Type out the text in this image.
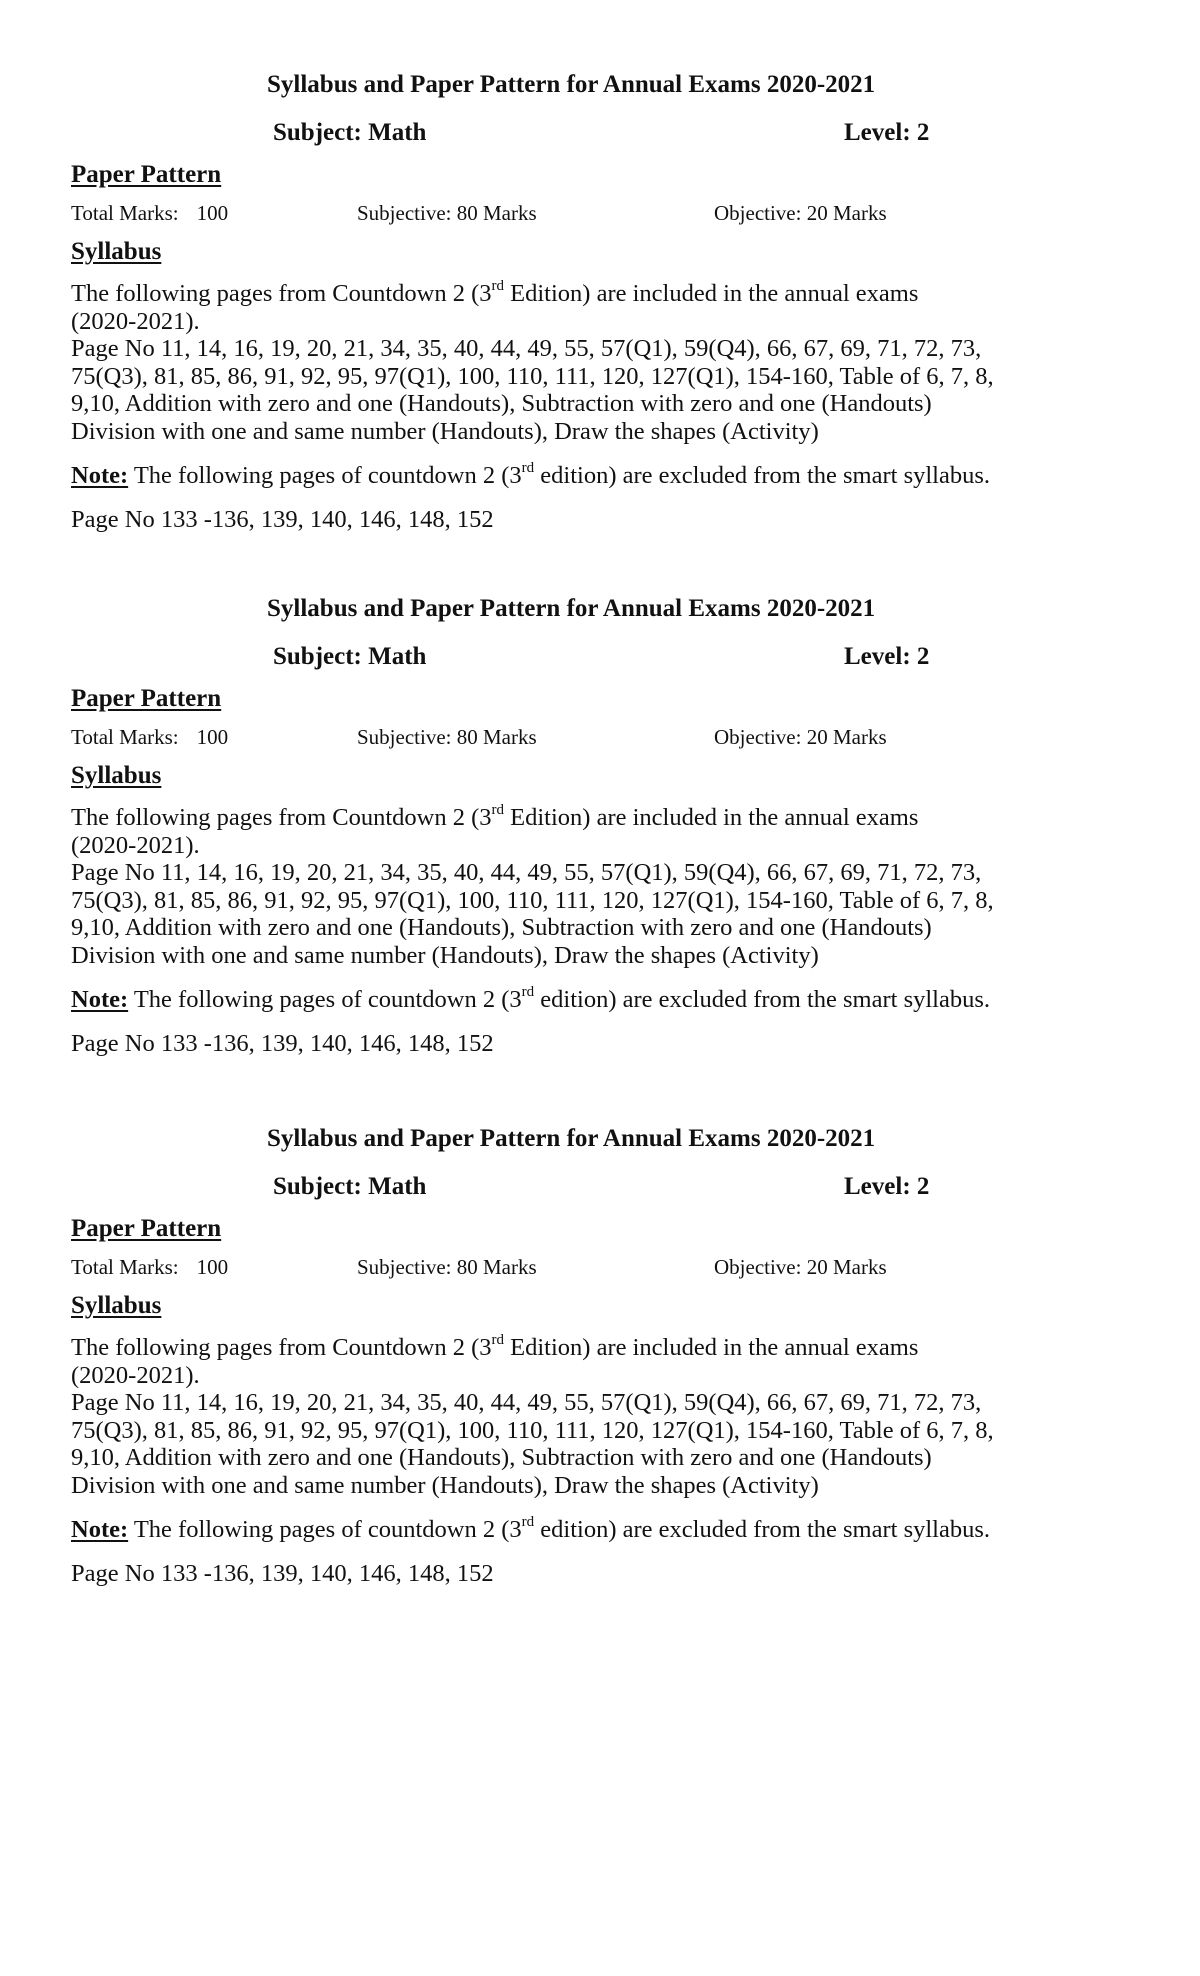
Syllabus and Paper Pattern for Annual Exams 2020-2021
Subject: Math	Level: 2
Paper Pattern
Total Marks: 100	Subjective: 80 Marks	Objective: 20 Marks
Syllabus
The following pages from Countdown 2 (3rd Edition) are included in the annual exams
(2020-2021).
Page No 11, 14, 16, 19, 20, 21, 34, 35, 40, 44, 49, 55, 57(Q1), 59(Q4), 66, 67, 69, 71, 72, 73,
75(Q3), 81, 85, 86, 91, 92, 95, 97(Q1), 100, 110, 111, 120, 127(Q1), 154-160, Table of 6, 7, 8,
9,10, Addition with zero and one (Handouts), Subtraction with zero and one (Handouts)
Division with one and same number (Handouts), Draw the shapes (Activity)
Note: The following pages of countdown 2 (3rd edition) are excluded from the smart syllabus.
Page No 133 -136, 139, 140, 146, 148, 152
Syllabus and Paper Pattern for Annual Exams 2020-2021
Subject: Math	Level: 2
Paper Pattern
Total Marks: 100	Subjective: 80 Marks	Objective: 20 Marks
Syllabus
The following pages from Countdown 2 (3rd Edition) are included in the annual exams
(2020-2021).
Page No 11, 14, 16, 19, 20, 21, 34, 35, 40, 44, 49, 55, 57(Q1), 59(Q4), 66, 67, 69, 71, 72, 73,
75(Q3), 81, 85, 86, 91, 92, 95, 97(Q1), 100, 110, 111, 120, 127(Q1), 154-160, Table of 6, 7, 8,
9,10, Addition with zero and one (Handouts), Subtraction with zero and one (Handouts)
Division with one and same number (Handouts), Draw the shapes (Activity)
Note: The following pages of countdown 2 (3rd edition) are excluded from the smart syllabus.
Page No 133 -136, 139, 140, 146, 148, 152
Syllabus and Paper Pattern for Annual Exams 2020-2021
Subject: Math	Level: 2
Paper Pattern
Total Marks: 100	Subjective: 80 Marks	Objective: 20 Marks
Syllabus
The following pages from Countdown 2 (3rd Edition) are included in the annual exams
(2020-2021).
Page No 11, 14, 16, 19, 20, 21, 34, 35, 40, 44, 49, 55, 57(Q1), 59(Q4), 66, 67, 69, 71, 72, 73,
75(Q3), 81, 85, 86, 91, 92, 95, 97(Q1), 100, 110, 111, 120, 127(Q1), 154-160, Table of 6, 7, 8,
9,10, Addition with zero and one (Handouts), Subtraction with zero and one (Handouts)
Division with one and same number (Handouts), Draw the shapes (Activity)
Note: The following pages of countdown 2 (3rd edition) are excluded from the smart syllabus.
Page No 133 -136, 139, 140, 146, 148, 152
